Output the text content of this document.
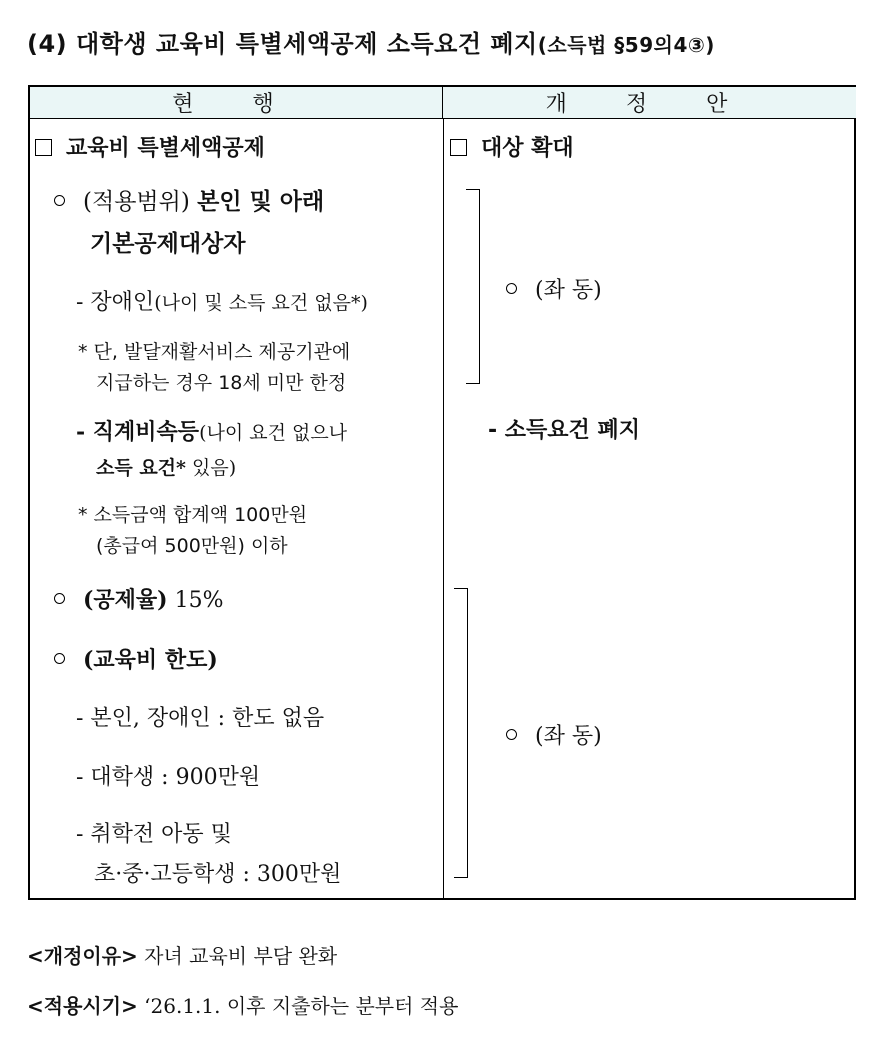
(4) 대학생 교육비 특별세액공제 소득요건 폐지(소득법 §59의4③)
현 행	개 정 안
교육비 특별세액공제
(적용범위) 본인 및 아래
기본공제대상자
- 장애인(나이 및 소득 요건 없음*)
* 단, 발달재활서비스 제공기관에
지급하는 경우 18세 미만 한정
- 직계비속등(나이 요건 없으나
소득 요건* 있음)
* 소득금액 합계액 100만원
(총급여 500만원) 이하
(공제율) 15%
(교육비 한도)
- 본인, 장애인 : 한도 없음
- 대학생 : 900만원
- 취학전 아동 및
초·중·고등학생 : 300만원
대상 확대
(좌 동)
- 소득요건 폐지
(좌 동)
<개정이유> 자녀 교육비 부담 완화
<적용시기> ‘26.1.1. 이후 지출하는 분부터 적용
